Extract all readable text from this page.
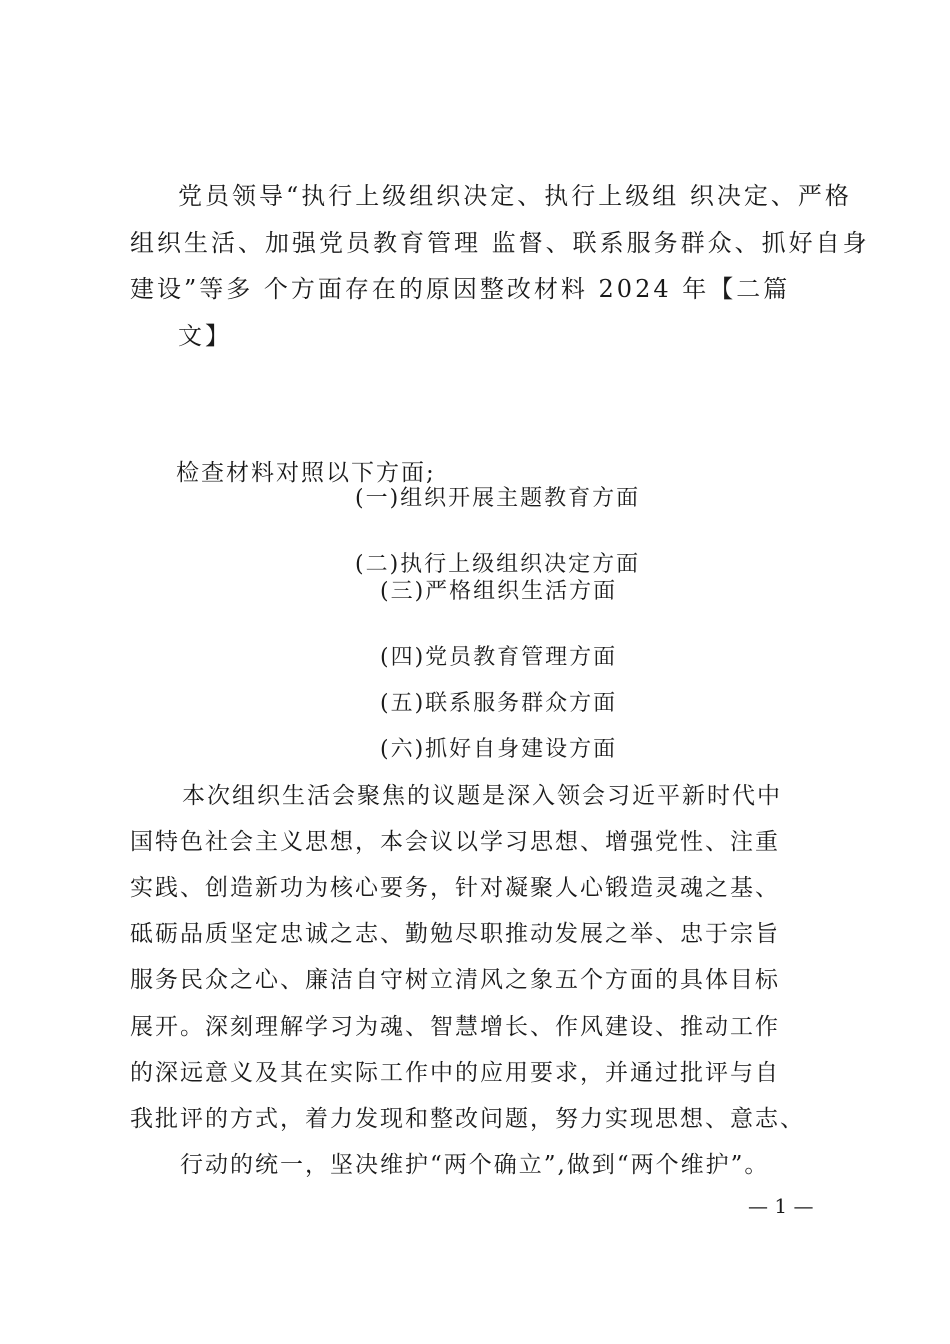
党员领导“执行上级组织决定、执行上级组 织决定、严格
组织生活、加强党员教育管理 监督、联系服务群众、抓好自身
建设”等多 个方面存在的原因整改材料 2024 年【二篇
文】
检查材料对照以下方面;
(一)组织开展主题教育方面
(二)执行上级组织决定方面
(三)严格组织生活方面
(四)党员教育管理方面
(五)联系服务群众方面
(六)抓好自身建设方面
本次组织生活会聚焦的议题是深入领会习近平新时代中
国特色社会主义思想，本会议以学习思想、增强党性、注重
实践、创造新功为核心要务，针对凝聚人心锻造灵魂之基、
砥砺品质坚定忠诚之志、勤勉尽职推动发展之举、忠于宗旨
服务民众之心、廉洁自守树立清风之象五个方面的具体目标
展开。深刻理解学习为魂、智慧增长、作风建设、推动工作
的深远意义及其在实际工作中的应用要求，并通过批评与自
我批评的方式，着力发现和整改问题，努力实现思想、意志、
行动的统一，坚决维护“两个确立”,做到“两个维护”。
— 1 —
